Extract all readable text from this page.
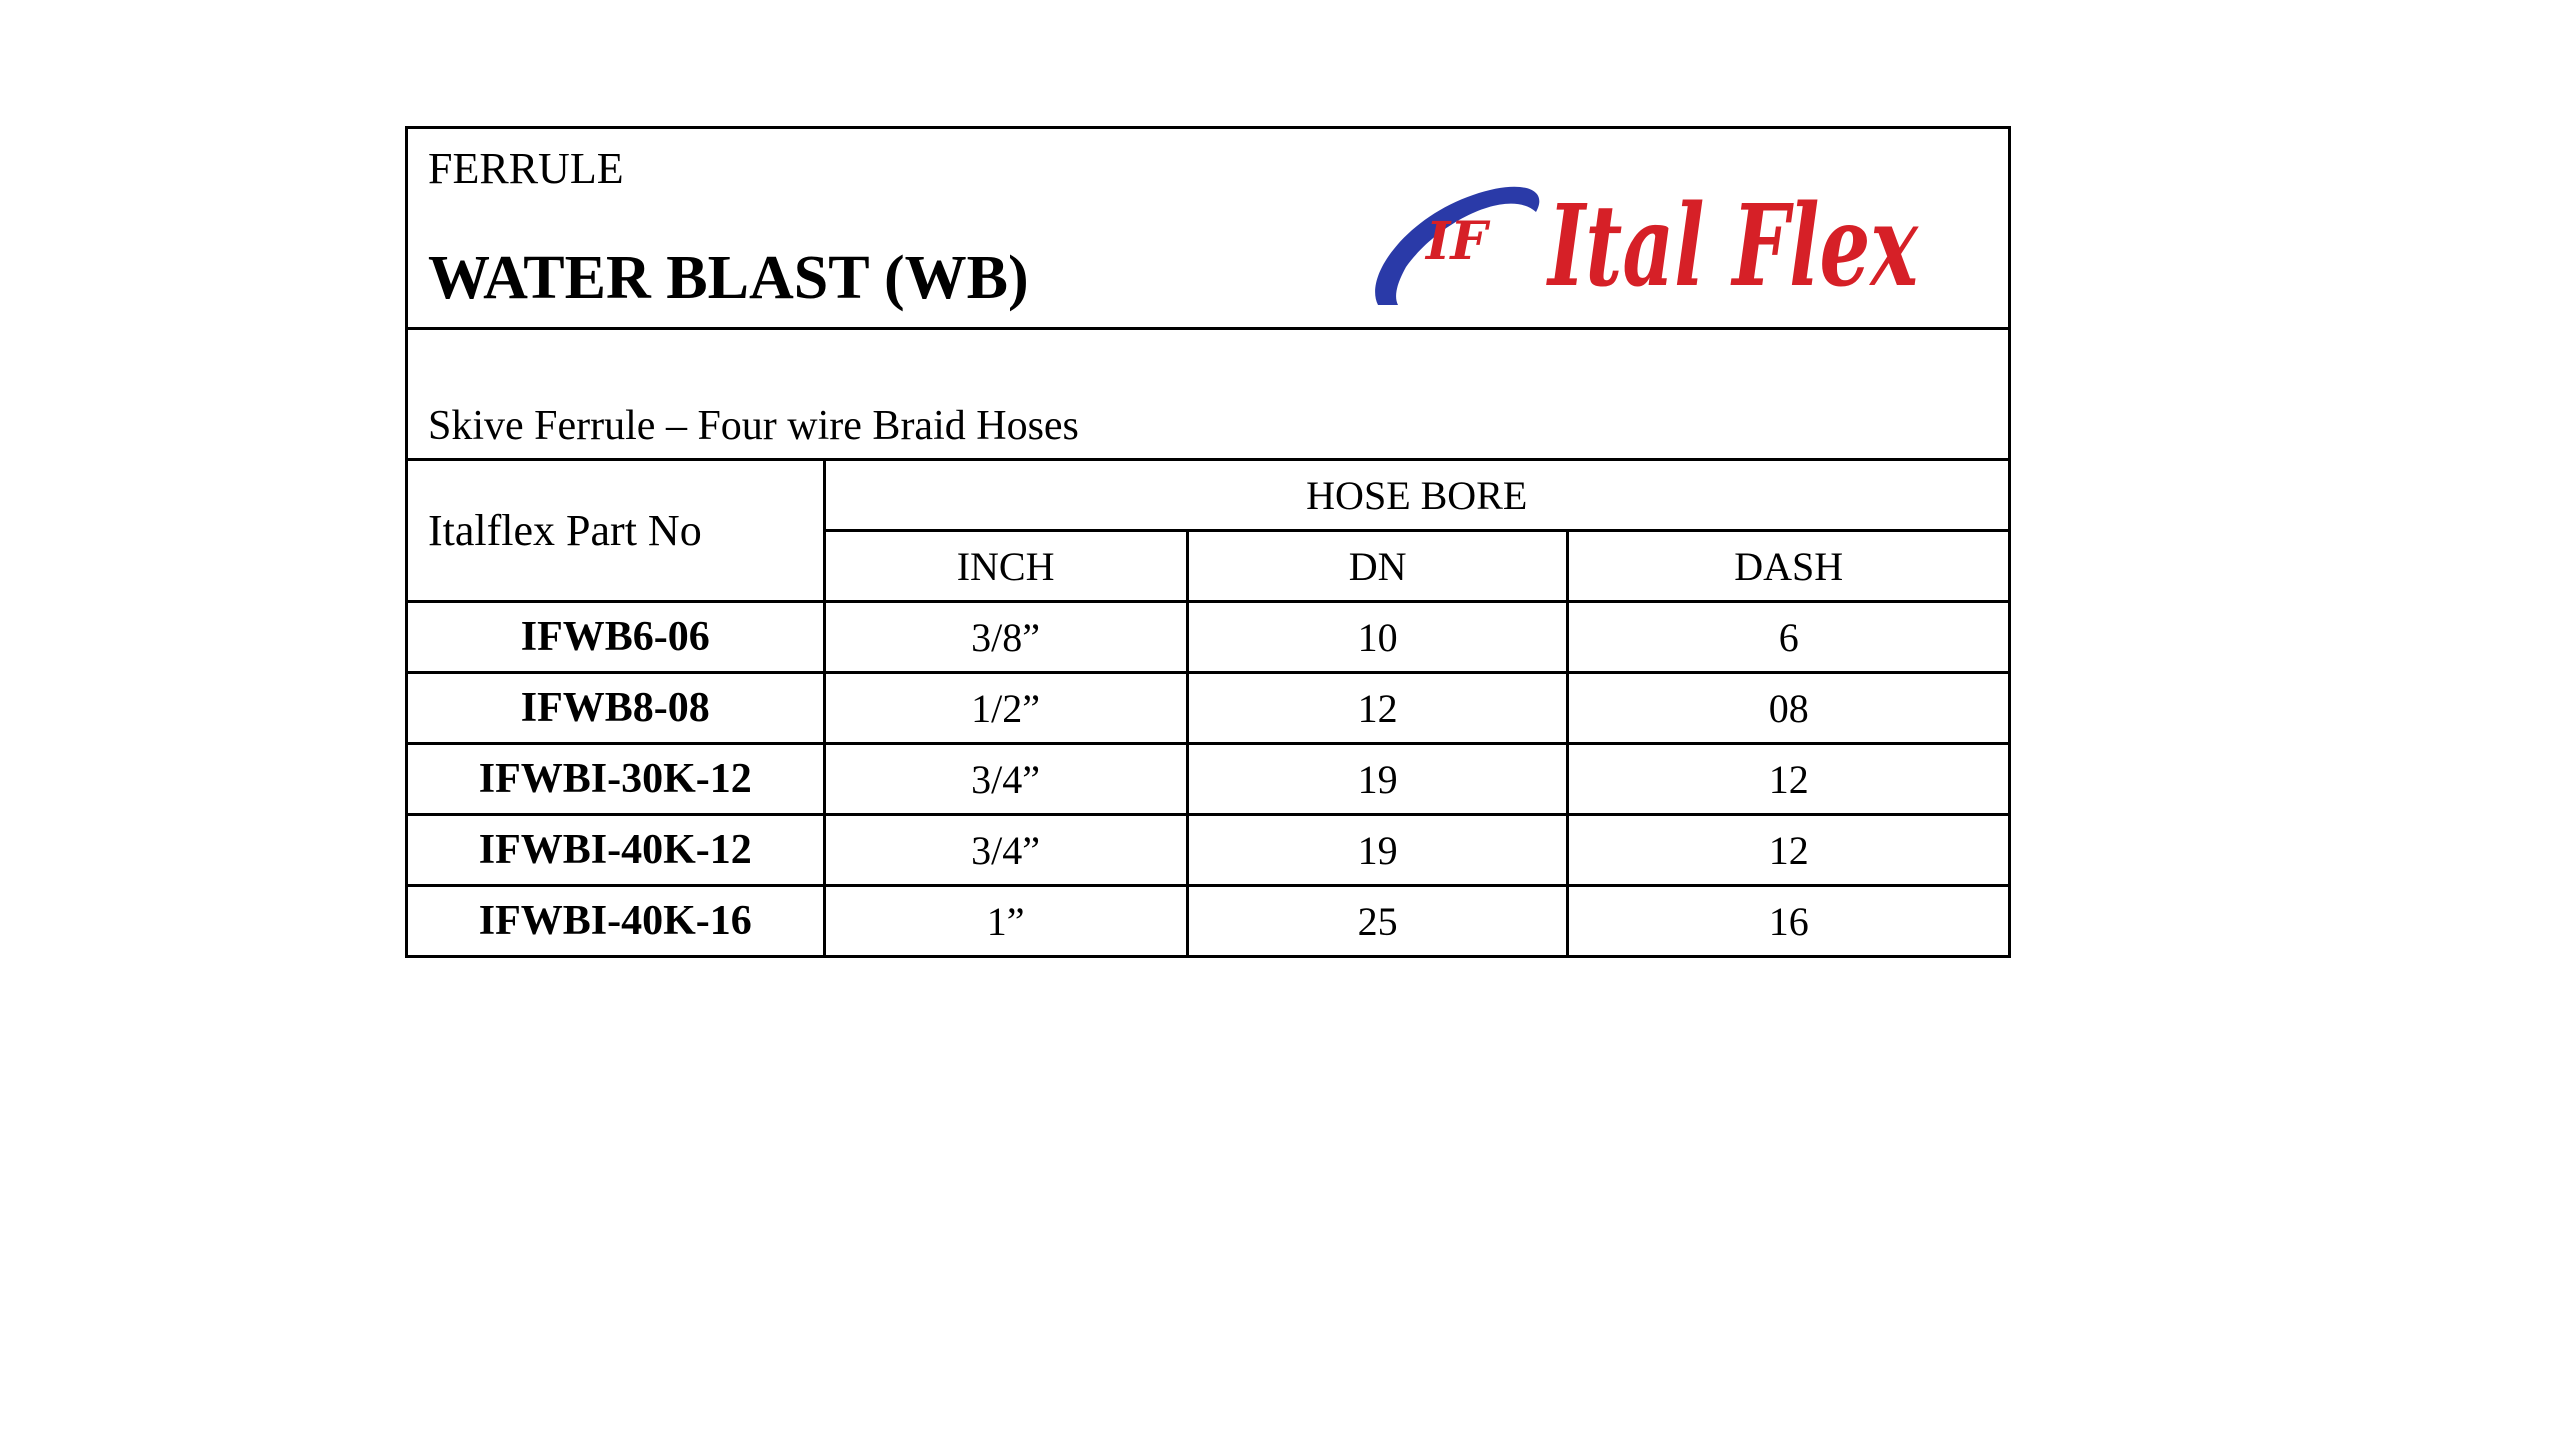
FERRULE
WATER BLAST (WB)
IF Ital Flex
Skive Ferrule – Four wire Braid Hoses
Italflex Part No	HOSE BORE		
	INCH	DN	DASH
IFWB6-06	3/8”	10	6
IFWB8-08	1/2”	12	08
IFWBI-30K-12	3/4”	19	12
IFWBI-40K-12	3/4”	19	12
IFWBI-40K-16	1”	25	16
